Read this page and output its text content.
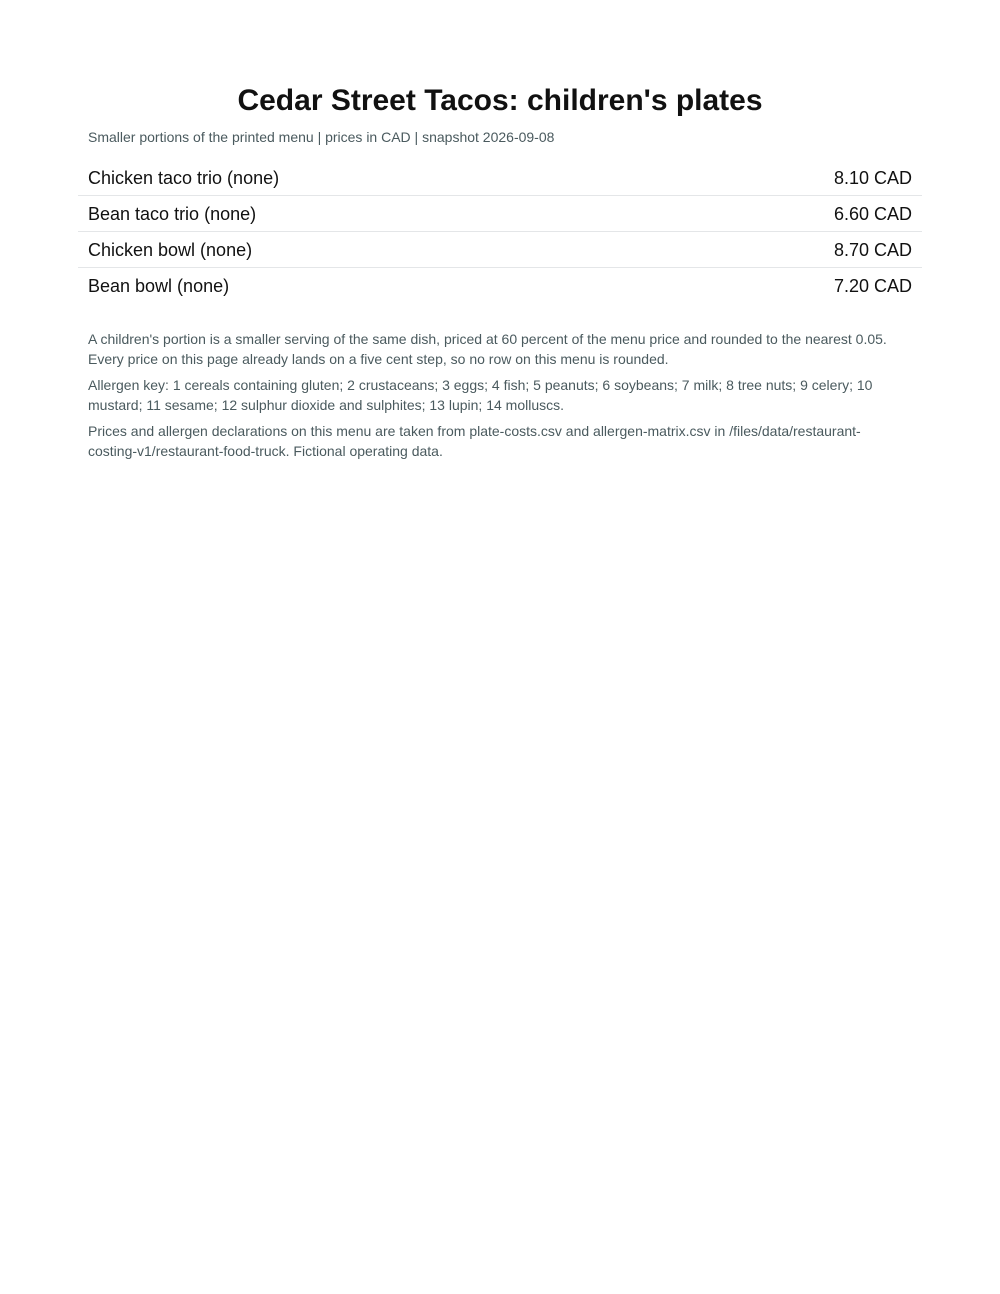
Cedar Street Tacos: children's plates

Smaller portions of the printed menu | prices in CAD | snapshot 2026-09-08

Chicken taco trio (none)	8.10 CAD
Bean taco trio (none)	6.60 CAD
Chicken bowl (none)	8.70 CAD
Bean bowl (none)	7.20 CAD

A children's portion is a smaller serving of the same dish, priced at 60 percent of the menu price and rounded to the nearest 0.05. Every price on this page already lands on a five cent step, so no row on this menu is rounded.

Allergen key: 1 cereals containing gluten; 2 crustaceans; 3 eggs; 4 fish; 5 peanuts; 6 soybeans; 7 milk; 8 tree nuts; 9 celery; 10 mustard; 11 sesame; 12 sulphur dioxide and sulphites; 13 lupin; 14 molluscs.

Prices and allergen declarations on this menu are taken from plate-costs.csv and allergen-matrix.csv in /files/data/restaurant-costing-v1/restaurant-food-truck. Fictional operating data.
